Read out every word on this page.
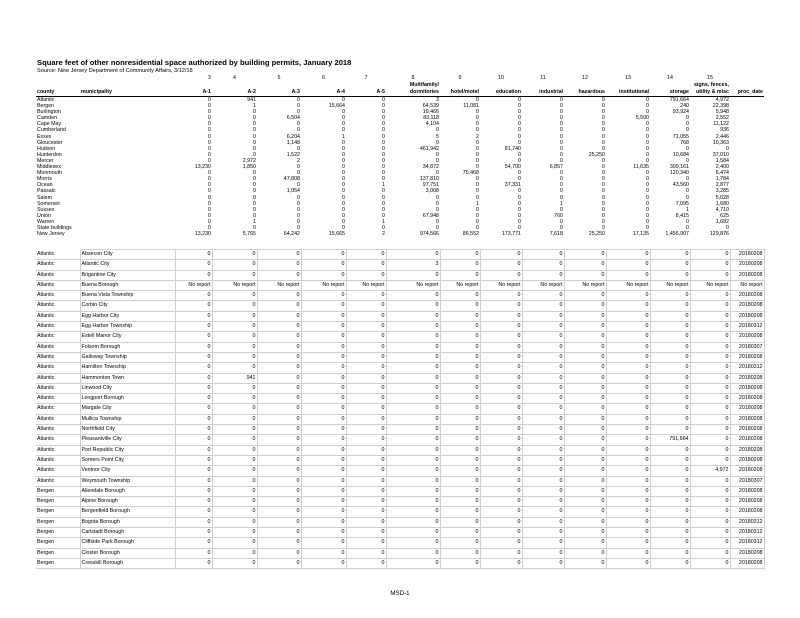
Square feet of other nonresidential space authorized by building permits, January 2018
Source: New Jersey Department of Community Affairs, 3/12/18
		3	4	5	6	7	8	9	10	11	12	13	14	15	
							Multifamily/							signs, fences,	
county	municipality	A-1	A-2	A-3	A-4	A-5	dormitories	hotel/motel	education	industrial	hazardous	institutional	storage	utility & misc	proc_date
Atlantic		0	941	0	0	0	3	0	0	0	0	0	791,664	4,972	
Bergen		0	1	0	15,664	0	64,539	11,081	0	0	0	0	240	22,398	
Burlington		0	0	0	0	0	19,466	0	0	0	0	0	93,924	5,948	
Camden		0	0	6,504	0	0	83,118	0	0	0	0	5,500	0	2,552	
Cape May		0	0	0	0	0	4,104	0	0	0	0	0	0	11,122	
Cumberland		0	0	0	0	0	0	0	0	0	0	0	0	936	
Essex		0	0	6,204	1	0	5	2	0	0	0	0	71,055	2,446	
Gloucester		0	0	1,148	0	0	0	0	0	0	0	0	768	10,363	
Hudson		0	0	0	0	0	461,942	0	81,740	0	0	0	0	0	
Hunterdon		0	0	1,522	0	0	0	0	0	0	25,250	0	10,684	37,010	
Mercer		0	2,972	2	0	0	0	0	0	0	0	0	0	1,584	
Middlesex		13,230	1,850	0	0	0	34,872	0	54,700	6,857	0	11,635	309,161	2,400	
Monmouth		0	0	0	0	0	0	75,468	0	0	0	0	120,340	6,474	
Morris		0	0	47,808	0	0	137,810	0	0	0	0	0	0	1,784	
Ocean		0	0	0	0	1	97,751	0	37,331	0	0	0	43,560	2,877	
Passaic		0	0	1,054	0	0	3,008	0	0	0	0	0	0	3,285	
Salem		0	0	0	0	0	0	0	0	0	0	0	0	5,028	
Somerset		0	0	0	0	0	0	1	0	1	0	0	7,095	1,680	
Sussex		0	0	0	0	0	0	0	0	0	0	0	1	4,710	
Union		0	0	0	0	0	67,948	0	0	760	0	0	8,415	625	
Warren		0	1	0	0	1	0	0	0	0	0	0	0	1,682	
State buildings		0	0	0	0	0	0	0	0	0	0	0	0	0	
New Jersey		13,230	5,765	64,242	15,665	2	974,566	86,552	173,771	7,618	25,250	17,135	1,456,907	129,876	
Atlantic	Absecon City	0	0	0	0	0	0	0	0	0	0	0	0	0	20180208
Atlantic	Atlantic City	0	0	0	0	0	3	0	0	0	0	0	0	0	20180208
Atlantic	Brigantine City	0	0	0	0	0	0	0	0	0	0	0	0	0	20180208
Atlantic	Buena Borough	No report	No report	No report	No report	No report	No report	No report	No report	No report	No report	No report	No report	No report	No report
Atlantic	Buena Vista Township	0	0	0	0	0	0	0	0	0	0	0	0	0	20180208
Atlantic	Corbin City	0	0	0	0	0	0	0	0	0	0	0	0	0	20180208
Atlantic	Egg Harbor City	0	0	0	0	0	0	0	0	0	0	0	0	0	20180208
Atlantic	Egg Harbor Township	0	0	0	0	0	0	0	0	0	0	0	0	0	20180312
Atlantic	Estell Manor City	0	0	0	0	0	0	0	0	0	0	0	0	0	20180208
Atlantic	Folsom Borough	0	0	0	0	0	0	0	0	0	0	0	0	0	20180307
Atlantic	Galloway Township	0	0	0	0	0	0	0	0	0	0	0	0	0	20180208
Atlantic	Hamilton Township	0	0	0	0	0	0	0	0	0	0	0	0	0	20180312
Atlantic	Hammonton Town	0	941	0	0	0	0	0	0	0	0	0	0	0	20180208
Atlantic	Linwood City	0	0	0	0	0	0	0	0	0	0	0	0	0	20180208
Atlantic	Longport Borough	0	0	0	0	0	0	0	0	0	0	0	0	0	20180208
Atlantic	Margate City	0	0	0	0	0	0	0	0	0	0	0	0	0	20180208
Atlantic	Mullica Township	0	0	0	0	0	0	0	0	0	0	0	0	0	20180208
Atlantic	Northfield City	0	0	0	0	0	0	0	0	0	0	0	0	0	20180208
Atlantic	Pleasantville City	0	0	0	0	0	0	0	0	0	0	0	791,664	0	20180208
Atlantic	Port Republic City	0	0	0	0	0	0	0	0	0	0	0	0	0	20180208
Atlantic	Somers Point City	0	0	0	0	0	0	0	0	0	0	0	0	0	20180208
Atlantic	Ventnor City	0	0	0	0	0	0	0	0	0	0	0	0	4,972	20180208
Atlantic	Weymouth Township	0	0	0	0	0	0	0	0	0	0	0	0	0	20180307
Bergen	Allendale Borough	0	0	0	0	0	0	0	0	0	0	0	0	0	20180208
Bergen	Alpine Borough	0	0	0	0	0	0	0	0	0	0	0	0	0	20180208
Bergen	Bergenfield Borough	0	0	0	0	0	0	0	0	0	0	0	0	0	20180208
Bergen	Bogota Borough	0	0	0	0	0	0	0	0	0	0	0	0	0	20180312
Bergen	Carlstadt Borough	0	0	0	0	0	0	0	0	0	0	0	0	0	20180312
Bergen	Cliffside Park Borough	0	0	0	0	0	0	0	0	0	0	0	0	0	20180312
Bergen	Closter Borough	0	0	0	0	0	0	0	0	0	0	0	0	0	20180208
Bergen	Cresskill Borough	0	0	0	0	0	0	0	0	0	0	0	0	0	20180208
MSD-1
